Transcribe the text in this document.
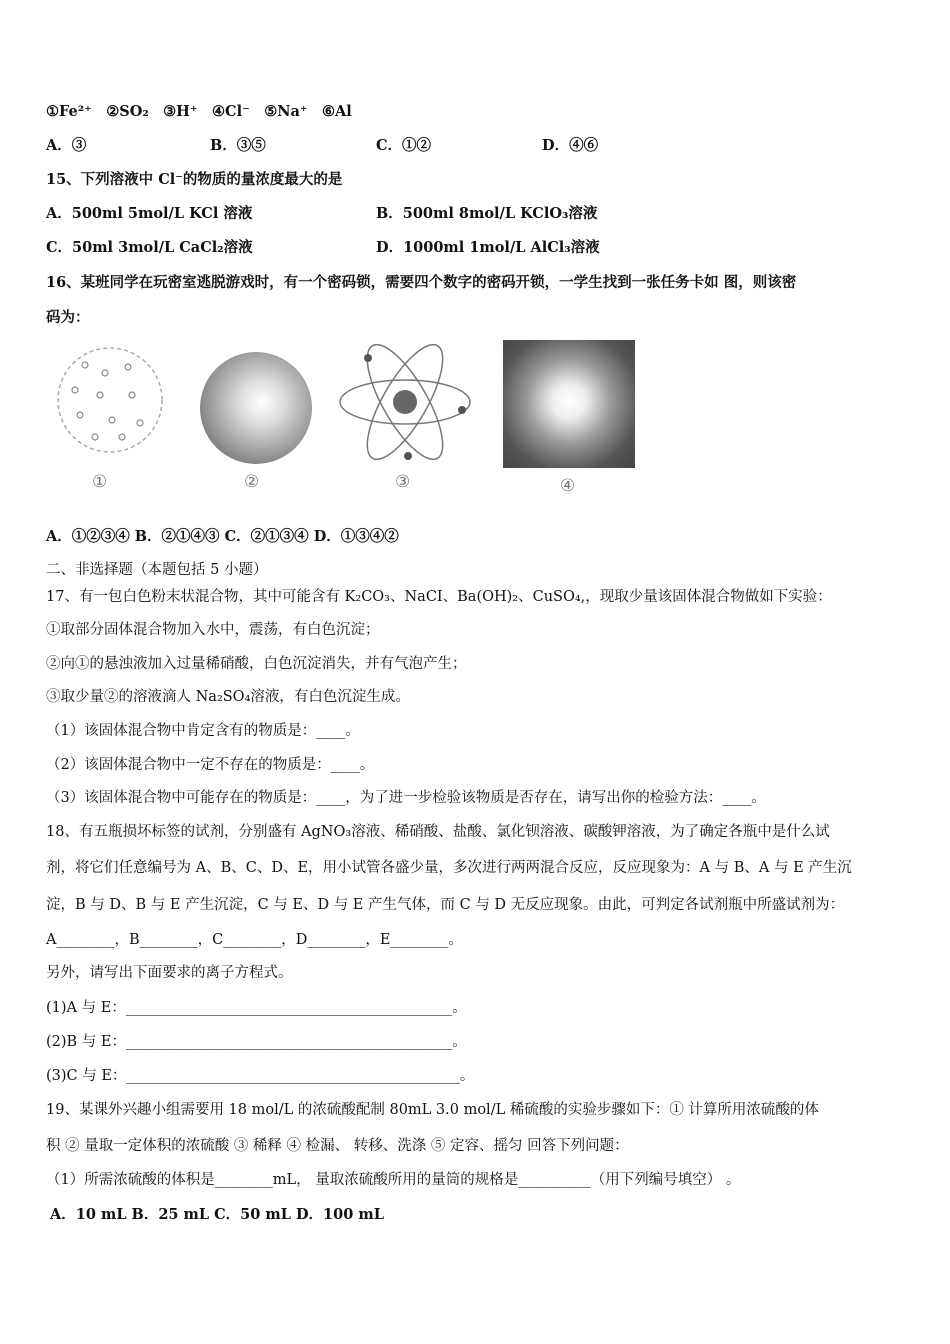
①Fe²⁺　②SO₂　③H⁺　④Cl⁻　⑤Na⁺　⑥Al
A．③	B．③⑤	C．①②	D．④⑥
15、下列溶液中 Cl⁻的物质的量浓度最大的是
A．500ml 5mol/L KCl 溶液	B．500ml 8mol/L KClO₃溶液
C．50ml 3mol/L CaCl₂溶液	D．1000ml 1mol/L AlCl₃溶液
16、某班同学在玩密室逃脱游戏时，有一个密码锁，需要四个数字的密码开锁，一学生找到一张任务卡如 图，则该密
码为：
①	②	③	④
A．①②③④ B．②①④③ C．②①③④ D．①③④②
二、非选择题（本题包括 5 小题）
17、有一包白色粉末状混合物，其中可能含有 K₂CO₃、NaCI、Ba(OH)₂、CuSO₄,，现取少量该固体混合物做如下实验：
①取部分固体混合物加入水中，震荡，有白色沉淀；
②向①的悬浊液加入过量稀硝酸，白色沉淀消失，并有气泡产生；
③取少量②的溶液滴人 Na₂SO₄溶液，有白色沉淀生成。
（1）该固体混合物中肯定含有的物质是：____。
（2）该固体混合物中一定不存在的物质是：____。
（3）该固体混合物中可能存在的物质是：____，为了进一步检验该物质是否存在，请写出你的检验方法：____。
18、有五瓶损坏标签的试剂，分别盛有 AgNO₃溶液、稀硝酸、盐酸、氯化钡溶液、碳酸钾溶液，为了确定各瓶中是什么试
剂，将它们任意编号为 A、B、C、D、E，用小试管各盛少量，多次进行两两混合反应，反应现象为：A 与 B、A 与 E 产生沉
淀，B 与 D、B 与 E 产生沉淀，C 与 E、D 与 E 产生气体，而 C 与 D 无反应现象。由此，可判定各试剂瓶中所盛试剂为：
A________，B________，C________，D________，E________。
另外，请写出下面要求的离子方程式。
(1)A 与 E：_____________________________________________。
(2)B 与 E：_____________________________________________。
(3)C 与 E：______________________________________________。
19、某课外兴趣小组需要用 18 mol/L 的浓硫酸配制 80mL 3.0 mol/L 稀硫酸的实验步骤如下：① 计算所用浓硫酸的体
积 ② 量取一定体积的浓硫酸 ③ 稀释 ④ 检漏、 转移、洗涤 ⑤ 定容、摇匀 回答下列问题：
（1）所需浓硫酸的体积是________mL， 量取浓硫酸所用的量筒的规格是__________（用下列编号填空） 。
A．10 mL B．25 mL C．50 mL D．100 mL
